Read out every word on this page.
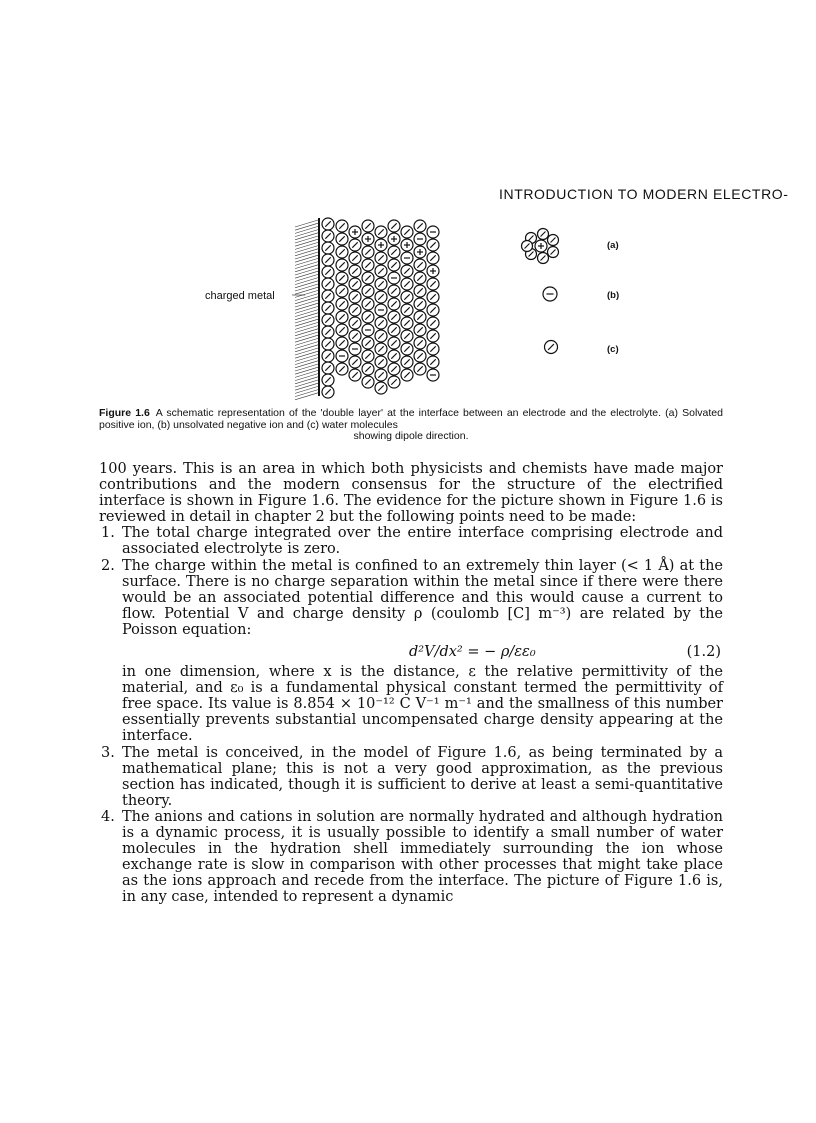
INTRODUCTION TO MODERN ELECTRO-
charged metal
(a)
(b)
(c)
Figure 1.6 A schematic representation of the 'double layer' at the interface between an electrode and the electrolyte. (a) Solvated positive ion, (b) unsolvated negative ion and (c) water molecules
showing dipole direction.

100 years. This is an area in which both physicists and chemists have made major contributions and the modern consensus for the structure of the electrified interface is shown in Figure 1.6. The evidence for the picture shown in Figure 1.6 is reviewed in detail in chapter 2 but the following points need to be made:

1. The total charge integrated over the entire interface comprising electrode and associated electrolyte is zero.
2. The charge within the metal is confined to an extremely thin layer (< 1 Å) at the surface. There is no charge separation within the metal since if there were there would be an associated potential difference and this would cause a current to flow. Potential V and charge density ρ (coulomb [C] m⁻³) are related by the Poisson equation:
d²V/dx² = − ρ/εε₀	(1.2)
in one dimension, where x is the distance, ε the relative permittivity of the material, and ε₀ is a fundamental physical constant termed the permittivity of free space. Its value is 8.854 × 10⁻¹² C V⁻¹ m⁻¹ and the smallness of this number essentially prevents substantial uncompensated charge density appearing at the interface.
3. The metal is conceived, in the model of Figure 1.6, as being terminated by a mathematical plane; this is not a very good approximation, as the previous section has indicated, though it is sufficient to derive at least a semi-quantitative theory.
4. The anions and cations in solution are normally hydrated and although hydration is a dynamic process, it is usually possible to identify a small number of water molecules in the hydration shell immediately surrounding the ion whose exchange rate is slow in comparison with other processes that might take place as the ions approach and recede from the interface. The picture of Figure 1.6 is, in any case, intended to represent a dynamic
